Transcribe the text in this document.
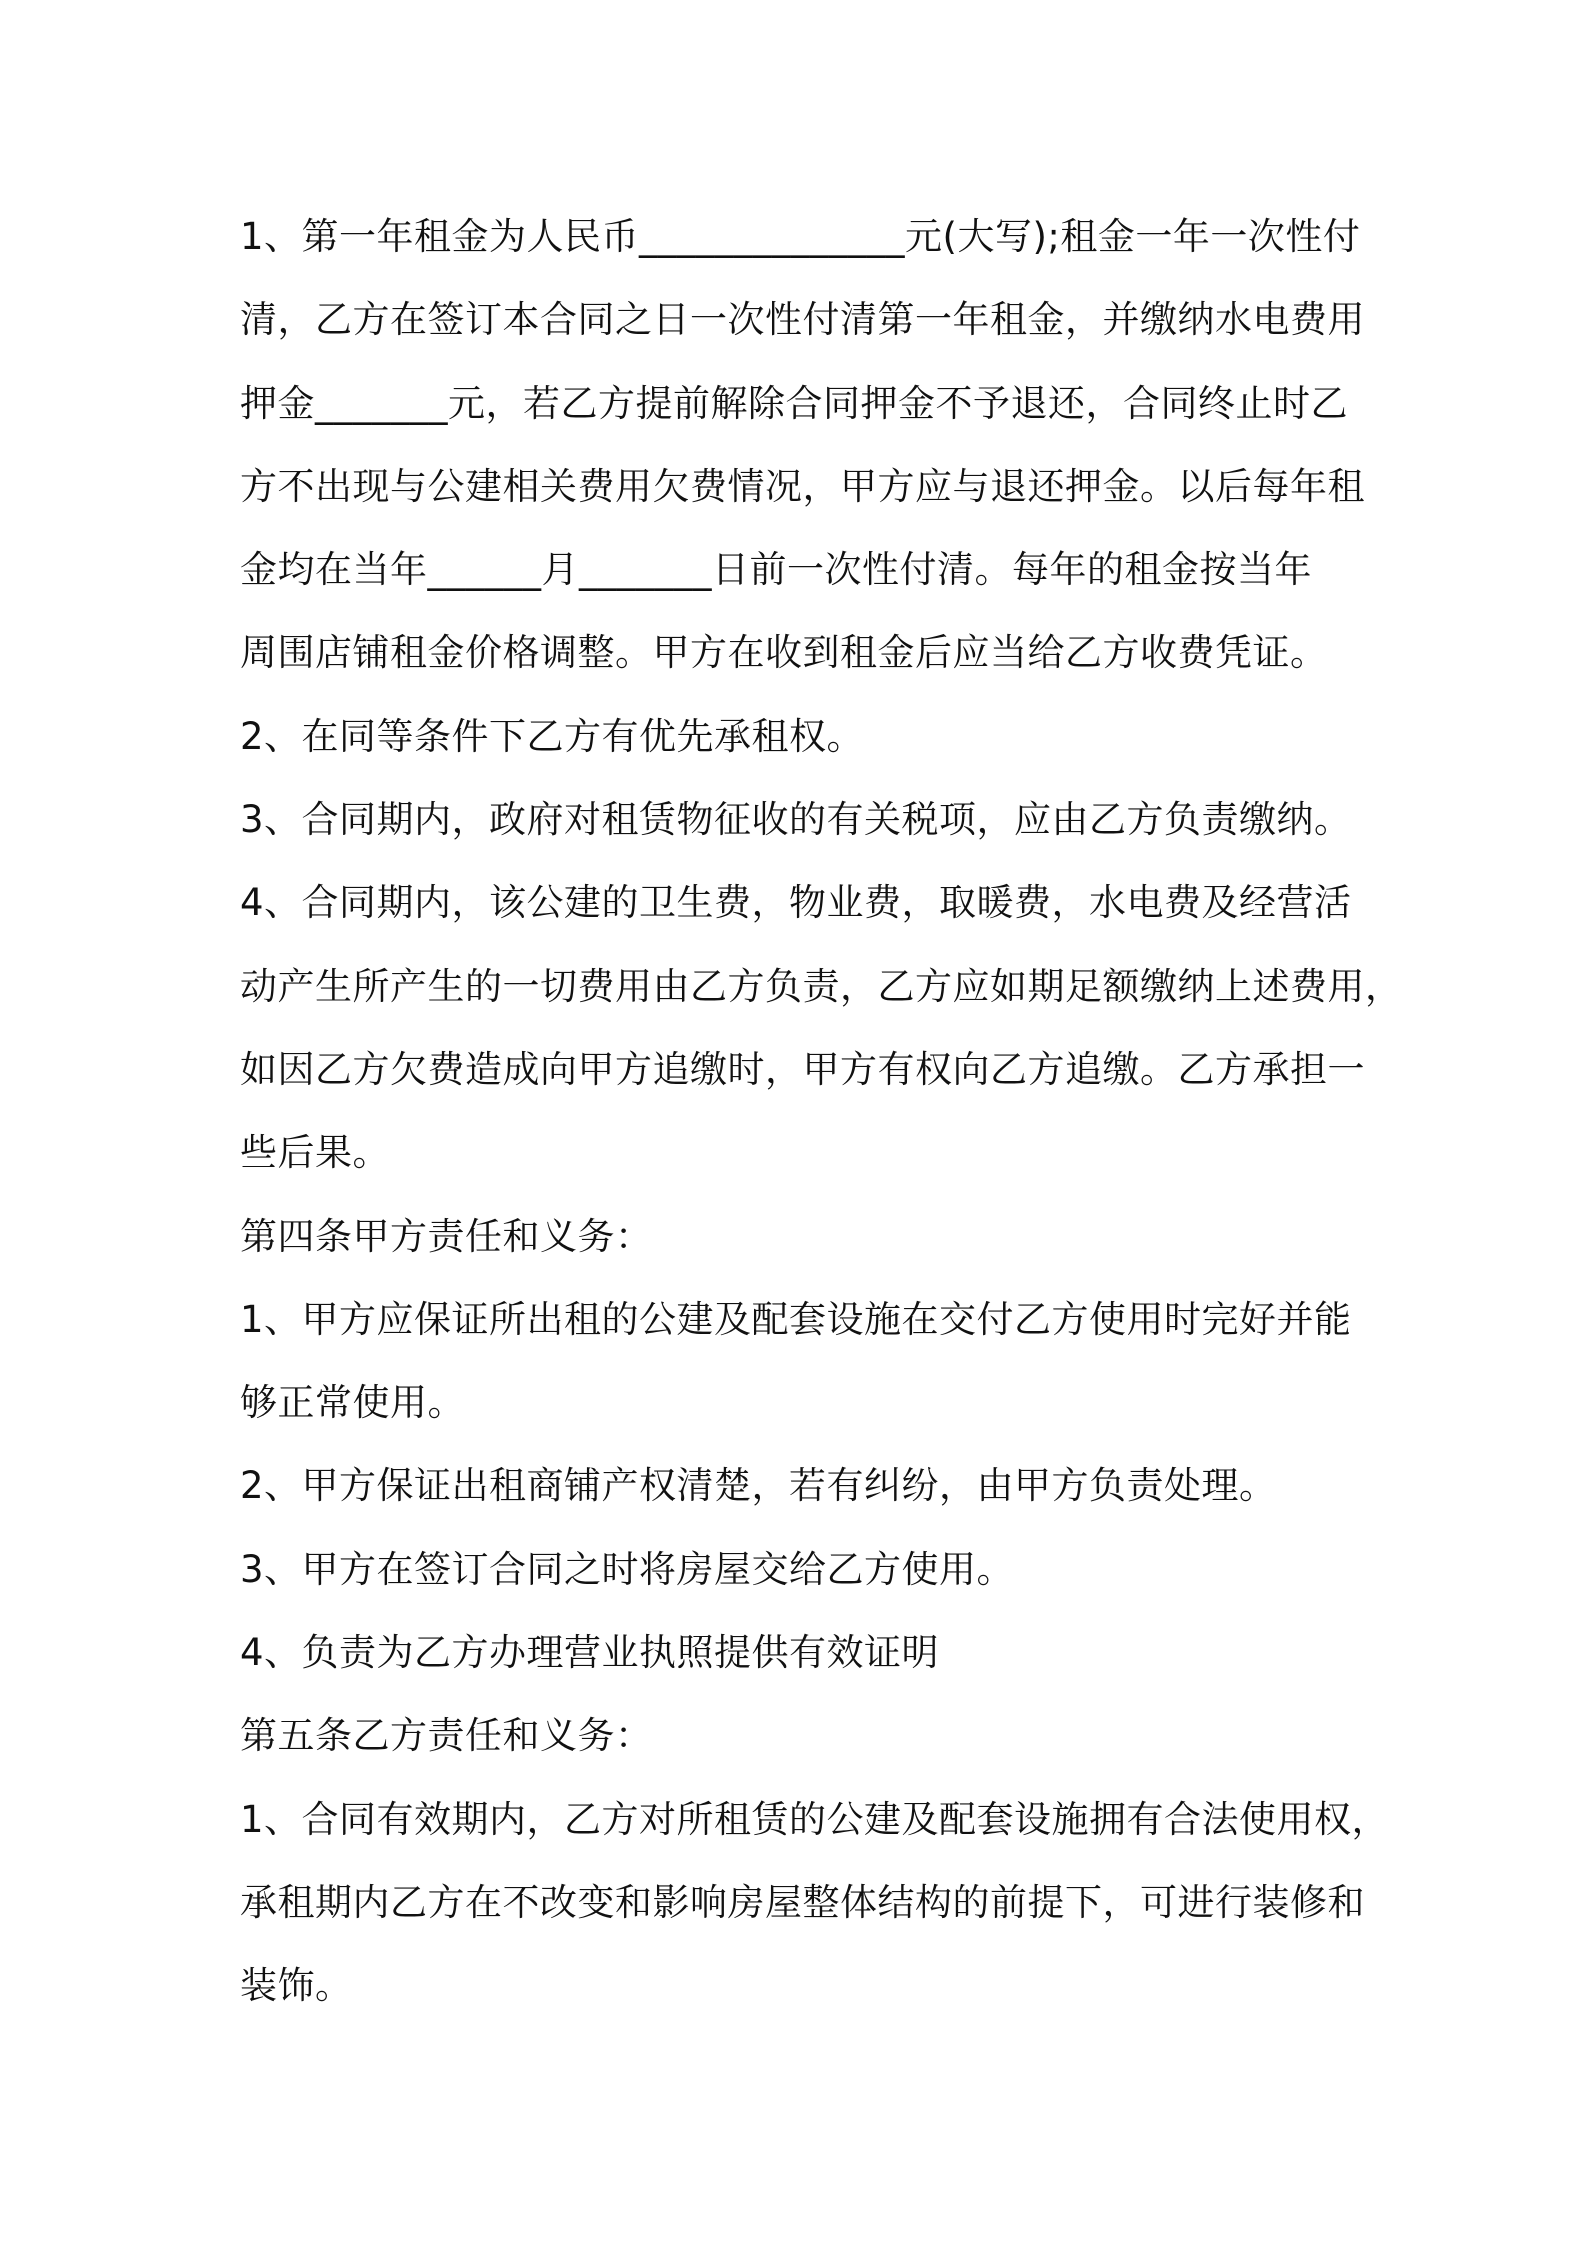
1、第一年租金为人民币______________元(大写);租金一年一次性付
清，乙方在签订本合同之日一次性付清第一年租金，并缴纳水电费用
押金_______元，若乙方提前解除合同押金不予退还，合同终止时乙
方不出现与公建相关费用欠费情况，甲方应与退还押金。以后每年租
金均在当年______月_______日前一次性付清。每年的租金按当年
周围店铺租金价格调整。甲方在收到租金后应当给乙方收费凭证。
2、在同等条件下乙方有优先承租权。
3、合同期内，政府对租赁物征收的有关税项，应由乙方负责缴纳。
4、合同期内，该公建的卫生费，物业费，取暖费，水电费及经营活
动产生所产生的一切费用由乙方负责，乙方应如期足额缴纳上述费用，
如因乙方欠费造成向甲方追缴时，甲方有权向乙方追缴。乙方承担一
些后果。
第四条甲方责任和义务：
1、甲方应保证所出租的公建及配套设施在交付乙方使用时完好并能
够正常使用。
2、甲方保证出租商铺产权清楚，若有纠纷，由甲方负责处理。
3、甲方在签订合同之时将房屋交给乙方使用。
4、负责为乙方办理营业执照提供有效证明
第五条乙方责任和义务：
1、合同有效期内，乙方对所租赁的公建及配套设施拥有合法使用权，
承租期内乙方在不改变和影响房屋整体结构的前提下，可进行装修和
装饰。
